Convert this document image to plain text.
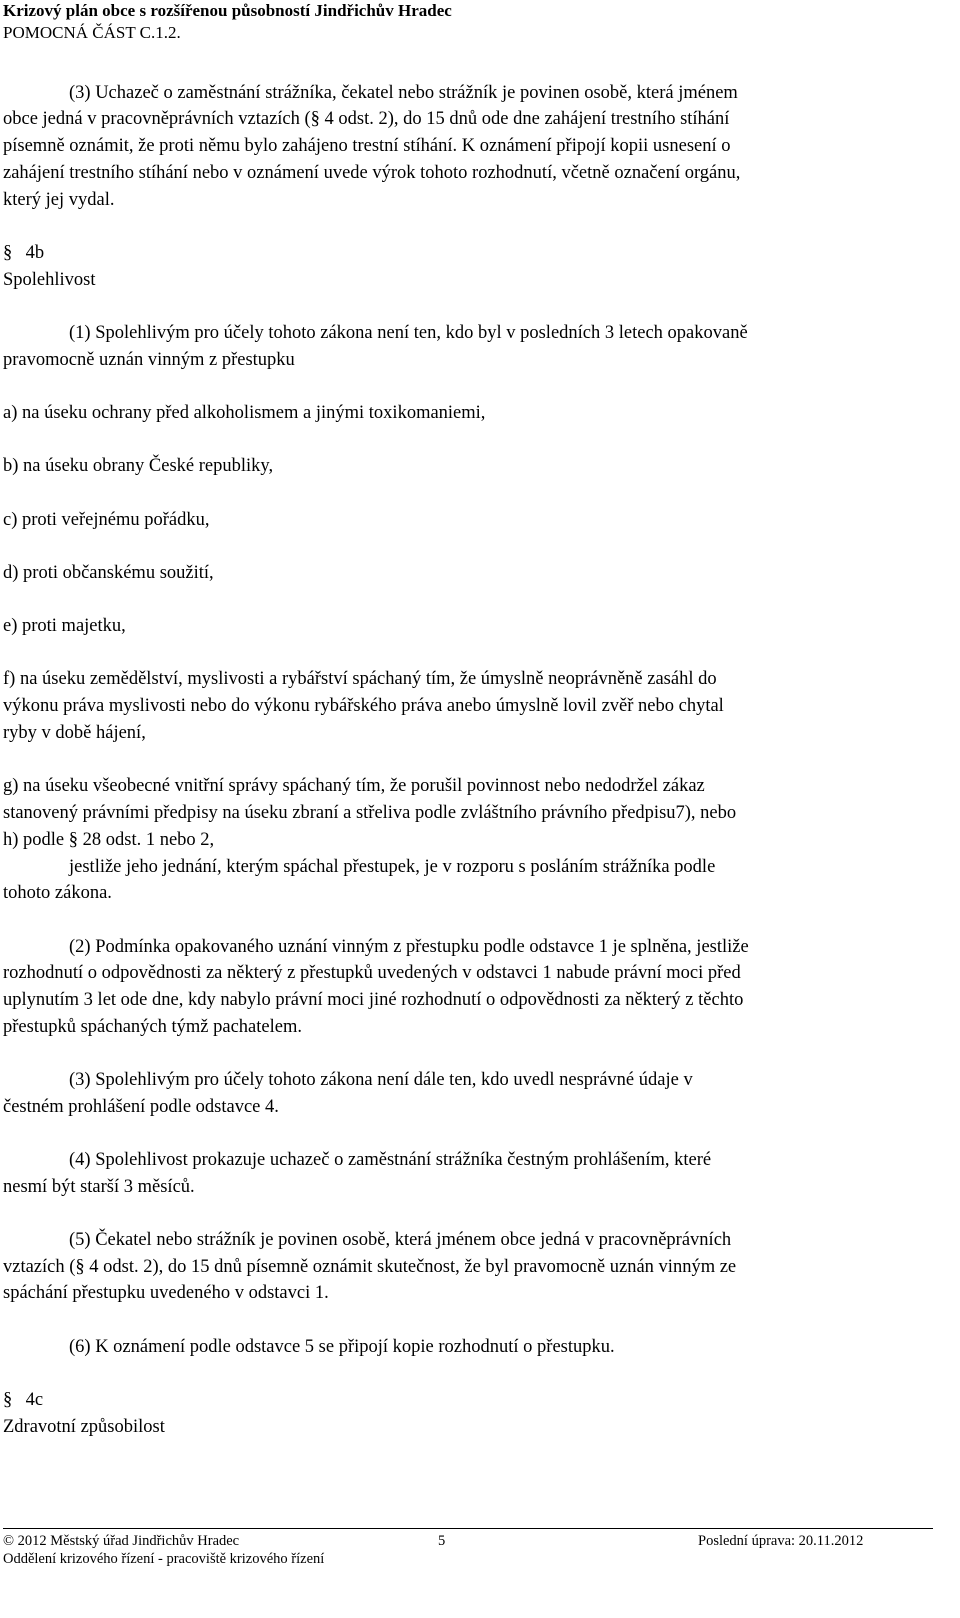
Krizový plán obce s rozšířenou působností Jindřichův Hradec
POMOCNÁ ČÁST C.1.2.

(3) Uchazeč o zaměstnání strážníka, čekatel nebo strážník je povinen osobě, která jménem

obce jedná v pracovněprávních vztazích (§ 4 odst. 2), do 15 dnů ode dne zahájení trestního stíhání

písemně oznámit, že proti němu bylo zahájeno trestní stíhání. K oznámení připojí kopii usnesení o

zahájení trestního stíhání nebo v oznámení uvede výrok tohoto rozhodnutí, včetně označení orgánu,

který jej vydal.

§ 4b

Spolehlivost

(1) Spolehlivým pro účely tohoto zákona není ten, kdo byl v posledních 3 letech opakovaně

pravomocně uznán vinným z přestupku

a) na úseku ochrany před alkoholismem a jinými toxikomaniemi,

b) na úseku obrany České republiky,

c) proti veřejnému pořádku,

d) proti občanskému soužití,

e) proti majetku,

f) na úseku zemědělství, myslivosti a rybářství spáchaný tím, že úmyslně neoprávněně zasáhl do

výkonu práva myslivosti nebo do výkonu rybářského práva anebo úmyslně lovil zvěř nebo chytal

ryby v době hájení,

g) na úseku všeobecné vnitřní správy spáchaný tím, že porušil povinnost nebo nedodržel zákaz

stanovený právními předpisy na úseku zbraní a střeliva podle zvláštního právního předpisu7), nebo

h) podle § 28 odst. 1 nebo 2,

jestliže jeho jednání, kterým spáchal přestupek, je v rozporu s posláním strážníka podle

tohoto zákona.

(2) Podmínka opakovaného uznání vinným z přestupku podle odstavce 1 je splněna, jestliže

rozhodnutí o odpovědnosti za některý z přestupků uvedených v odstavci 1 nabude právní moci před

uplynutím 3 let ode dne, kdy nabylo právní moci jiné rozhodnutí o odpovědnosti za některý z těchto

přestupků spáchaných týmž pachatelem.

(3) Spolehlivým pro účely tohoto zákona není dále ten, kdo uvedl nesprávné údaje v

čestném prohlášení podle odstavce 4.

(4) Spolehlivost prokazuje uchazeč o zaměstnání strážníka čestným prohlášením, které

nesmí být starší 3 měsíců.

(5) Čekatel nebo strážník je povinen osobě, která jménem obce jedná v pracovněprávních

vztazích (§ 4 odst. 2), do 15 dnů písemně oznámit skutečnost, že byl pravomocně uznán vinným ze

spáchání přestupku uvedeného v odstavci 1.

(6) K oznámení podle odstavce 5 se připojí kopie rozhodnutí o přestupku.

§ 4c

Zdravotní způsobilost

© 2012 Městský úřad Jindřichův Hradec	5	Poslední úprava: 20.11.2012
Oddělení krizového řízení - pracoviště krizového řízení
